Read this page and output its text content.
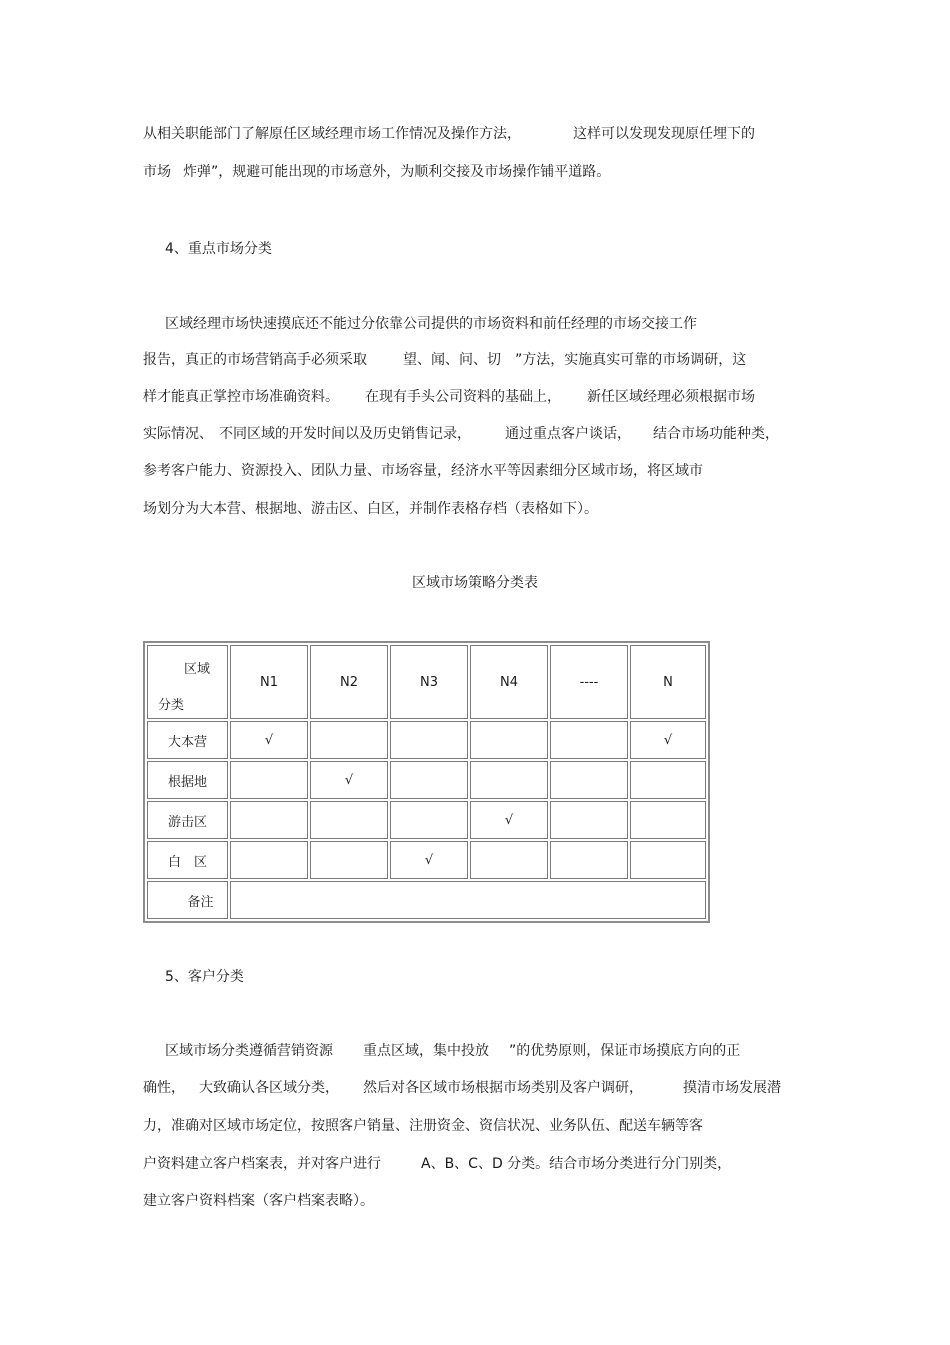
从相关职能部门了解原任区域经理市场工作情况及操作方法，	这样可以发现发现原任埋下的
市场 炸弹”，规避可能出现的市场意外，为顺利交接及市场操作铺平道路。
4、重点市场分类
区域经理市场快速摸底还不能过分依靠公司提供的市场资料和前任经理的市场交接工作
报告，真正的市场营销高手必须采取	望、闻、问、切 ”方法，实施真实可靠的市场调研，这
样才能真正掌控市场准确资料。 在现有手头公司资料的基础上， 新任区域经理必须根据市场
实际情况、 不同区域的开发时间以及历史销售记录， 通过重点客户谈话， 结合市场功能种类，
参考客户能力、资源投入、团队力量、市场容量，经济水平等因素细分区域市场，将区域市
场划分为大本营、根据地、游击区、白区，并制作表格存档（表格如下）。
区域市场策略分类表
区域
分类	N1	N2	N3	N4	----	N
大本营	√					√
根据地		√				
游击区				√		
白　区			√			
备注						
5、客户分类
区域市场分类遵循营销资源 重点区域，集中投放 ”的优势原则，保证市场摸底方向的正
确性， 大致确认各区域分类， 然后对各区域市场根据市场类别及客户调研，	摸清市场发展潜
力，准确对区域市场定位，按照客户销量、注册资金、资信状况、业务队伍、配送车辆等客
户资料建立客户档案表，并对客户进行	A、B、C、D 分类。结合市场分类进行分门别类，
建立客户资料档案（客户档案表略）。
